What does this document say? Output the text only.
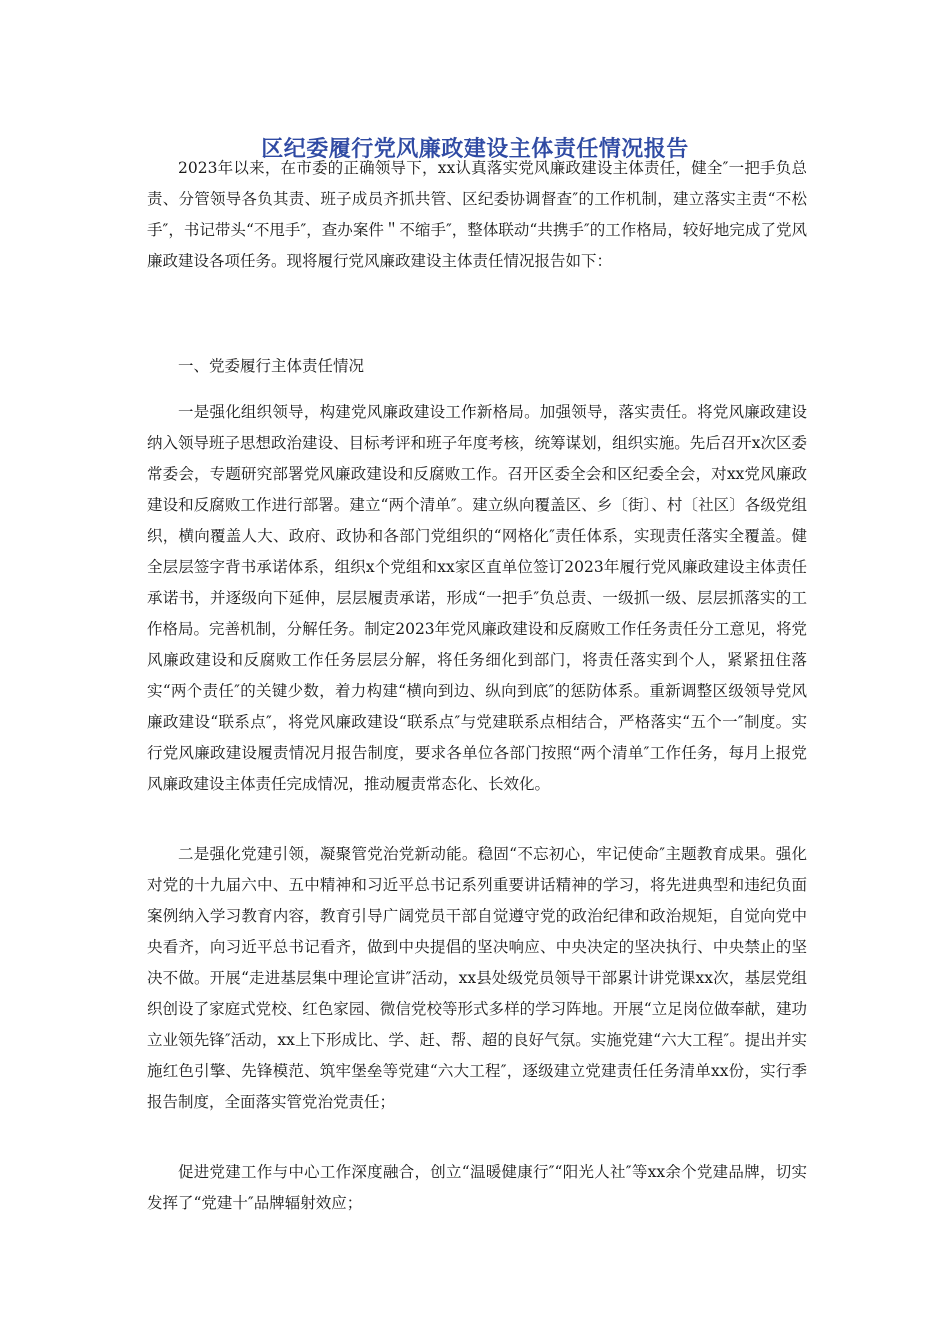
区纪委履行党风廉政建设主体责任情况报告

2023年以来，在市委的正确领导下，xx认真落实党风廉政建设主体责任，健全″一把手负总责、分管领导各负其责、班子成员齐抓共管、区纪委协调督查″的工作机制，建立落实主责“不松手″，书记带头“不甩手″，查办案件＂不缩手″，整体联动“共携手″的工作格局，较好地完成了党风廉政建设各项任务。现将履行党风廉政建设主体责任情况报告如下：

一、党委履行主体责任情况

一是强化组织领导，构建党风廉政建设工作新格局。加强领导，落实责任。将党风廉政建设纳入领导班子思想政治建设、目标考评和班子年度考核，统筹谋划，组织实施。先后召开x次区委常委会，专题研究部署党风廉政建设和反腐败工作。召开区委全会和区纪委全会，对xx党风廉政建设和反腐败工作进行部署。建立“两个清单″。建立纵向覆盖区、乡〔街〕、村〔社区〕各级党组织，横向覆盖人大、政府、政协和各部门党组织的“网格化″责任体系，实现责任落实全覆盖。健全层层签字背书承诺体系，组织x个党组和xx家区直单位签订2023年履行党风廉政建设主体责任承诺书，并逐级向下延伸，层层履责承诺，形成“一把手″负总责、一级抓一级、层层抓落实的工作格局。完善机制，分解任务。制定2023年党风廉政建设和反腐败工作任务责任分工意见，将党风廉政建设和反腐败工作任务层层分解，将任务细化到部门，将责任落实到个人，紧紧扭住落实“两个责任″的关键少数，着力构建“横向到边、纵向到底″的惩防体系。重新调整区级领导党风廉政建设“联系点″，将党风廉政建设“联系点″与党建联系点相结合，严格落实“五个一″制度。实行党风廉政建设履责情况月报告制度，要求各单位各部门按照“两个清单″工作任务，每月上报党风廉政建设主体责任完成情况，推动履责常态化、长效化。

二是强化党建引领，凝聚管党治党新动能。稳固“不忘初心，牢记使命″主题教育成果。强化对党的十九届六中、五中精神和习近平总书记系列重要讲话精神的学习，将先进典型和违纪负面案例纳入学习教育内容，教育引导广阔党员干部自觉遵守党的政治纪律和政治规矩，自觉向党中央看齐，向习近平总书记看齐，做到中央提倡的坚决响应、中央决定的坚决执行、中央禁止的坚决不做。开展“走进基层集中理论宣讲″活动，xx县处级党员领导干部累计讲党课xx次，基层党组织创设了家庭式党校、红色家园、微信党校等形式多样的学习阵地。开展“立足岗位做奉献，建功立业领先锋″活动，xx上下形成比、学、赶、帮、超的良好气氛。实施党建“六大工程″。提出并实施红色引擎、先锋模范、筑牢堡垒等党建“六大工程″，逐级建立党建责任任务清单xx份，实行季报告制度，全面落实管党治党责任；

促进党建工作与中心工作深度融合，创立“温暖健康行″“阳光人社″等xx余个党建品牌，切实发挥了“党建十″品牌辐射效应；
